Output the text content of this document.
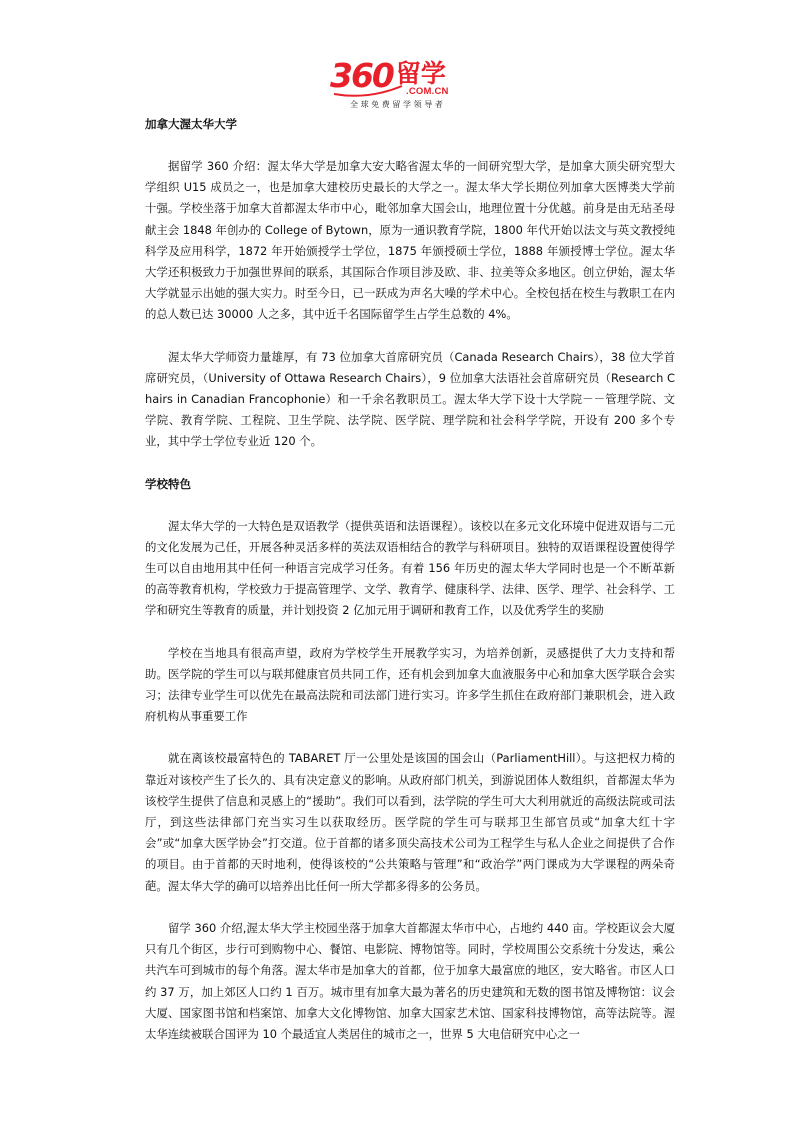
360 留学
.COM.CN
全球免费留学领导者
加拿大渥太华大学

据留学 360 介绍：渥太华大学是加拿大安大略省渥太华的一间研究型大学，是加拿大顶尖研究型大学组织 U15 成员之一，也是加拿大建校历史最长的大学之一。渥太华大学长期位列加拿大医博类大学前十强。学校坐落于加拿大首都渥太华市中心，毗邻加拿大国会山，地理位置十分优越。前身是由无玷圣母献主会 1848 年创办的 College of Bytown，原为一通识教育学院，1800 年代开始以法文与英文教授纯科学及应用科学，1872 年开始颁授学士学位，1875 年颁授硕士学位，1888 年颁授博士学位。渥太华大学还积极致力于加强世界间的联系，其国际合作项目涉及欧、非、拉美等众多地区。创立伊始，渥太华大学就显示出她的强大实力。时至今日，已一跃成为声名大噪的学术中心。全校包括在校生与教职工在内的总人数已达 30000 人之多，其中近千名国际留学生占学生总数的 4%。

渥太华大学师资力量雄厚，有 73 位加拿大首席研究员（Canada Research Chairs），38 位大学首席研究员，（University of Ottawa Research Chairs），9 位加拿大法语社会首席研究员（Research Chairs in Canadian Francophonie）和一千余名教职员工。渥太华大学下设十大学院－－管理学院、文学院、教育学院、工程院、卫生学院、法学院、医学院、理学院和社会科学学院，开设有 200 多个专业，其中学士学位专业近 120 个。

学校特色

渥太华大学的一大特色是双语教学（提供英语和法语课程）。该校以在多元文化环境中促进双语与二元的文化发展为己任，开展各种灵活多样的英法双语相结合的教学与科研项目。独特的双语课程设置使得学生可以自由地用其中任何一种语言完成学习任务。有着 156 年历史的渥太华大学同时也是一个不断革新的高等教育机构，学校致力于提高管理学、文学、教育学、健康科学、法律、医学、理学、社会科学、工学和研究生等教育的质量，并计划投资 2 亿加元用于调研和教育工作，以及优秀学生的奖励

学校在当地具有很高声望，政府为学校学生开展教学实习，为培养创新，灵感提供了大力支持和帮助。医学院的学生可以与联邦健康官员共同工作，还有机会到加拿大血液服务中心和加拿大医学联合会实习；法律专业学生可以优先在最高法院和司法部门进行实习。许多学生抓住在政府部门兼职机会，进入政府机构从事重要工作

就在离该校最富特色的 TABARET 厅一公里处是该国的国会山（ParliamentHill）。与这把权力椅的靠近对该校产生了长久的、具有决定意义的影响。从政府部门机关，到游说团体人数组织，首都渥太华为该校学生提供了信息和灵感上的“援助”。我们可以看到，法学院的学生可大大利用就近的高级法院或司法厅，到这些法律部门充当实习生以获取经历。医学院的学生可与联邦卫生部官员或“加拿大红十字会”或“加拿大医学协会”打交道。位于首都的诸多顶尖高技术公司为工程学生与私人企业之间提供了合作的项目。由于首都的天时地利，使得该校的“公共策略与管理”和“政治学”两门课成为大学课程的两朵奇葩。渥太华大学的确可以培养出比任何一所大学都多得多的公务员。

留学 360 介绍,渥太华大学主校园坐落于加拿大首都渥太华市中心，占地约 440 亩。学校距议会大厦只有几个街区，步行可到购物中心、餐馆、电影院、博物馆等。同时，学校周围公交系统十分发达，乘公共汽车可到城市的每个角落。渥太华市是加拿大的首都，位于加拿大最富庶的地区，安大略省。市区人口约 37 万，加上郊区人口约 1 百万。城市里有加拿大最为著名的历史建筑和无数的图书馆及博物馆：议会大厦、国家图书馆和档案馆、加拿大文化博物馆、加拿大国家艺术馆、国家科技博物馆，高等法院等。渥太华连续被联合国评为 10 个最适宜人类居住的城市之一，世界 5 大电信研究中心之一
